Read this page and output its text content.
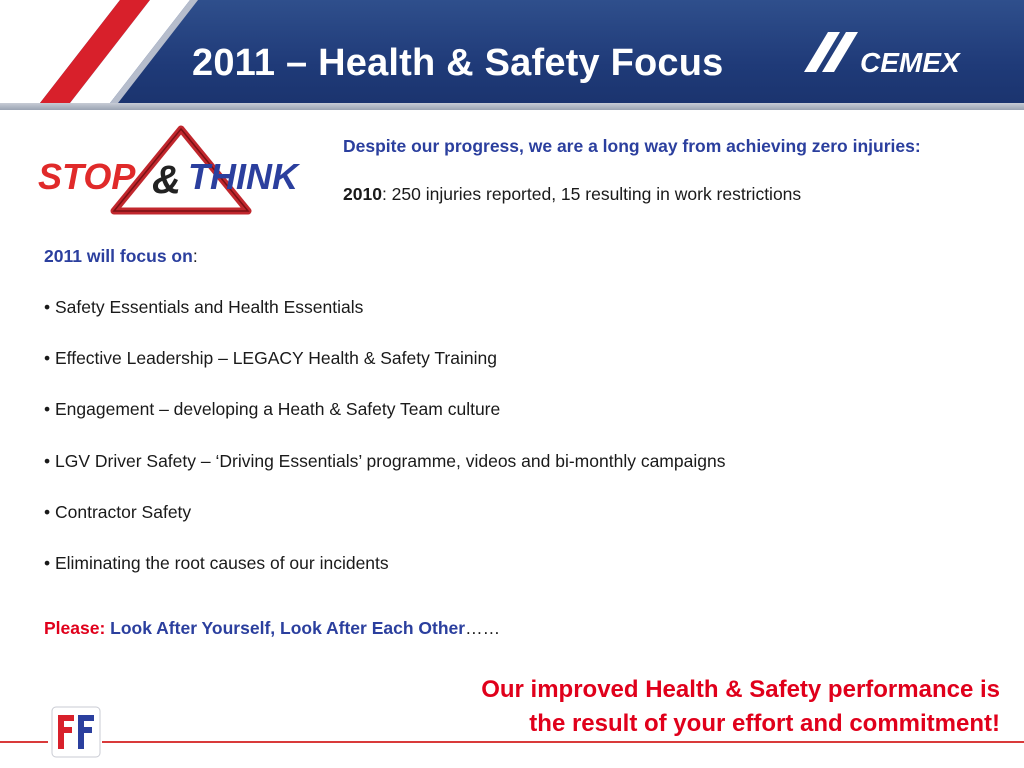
2011 – Health & Safety Focus	CEMEX
STOP & THINK
Despite our progress, we are a long way from achieving zero injuries:
2010: 250 injuries reported, 15 resulting in work restrictions
2011 will focus on:
• Safety Essentials and Health Essentials
• Effective Leadership – LEGACY Health & Safety Training
• Engagement – developing a Heath & Safety Team culture
• LGV Driver Safety – ‘Driving Essentials’ programme, videos and bi-monthly campaigns
• Contractor Safety
• Eliminating the root causes of our incidents
Please: Look After Yourself, Look After Each Other……
Our improved Health & Safety performance is
the result of your effort and commitment!
